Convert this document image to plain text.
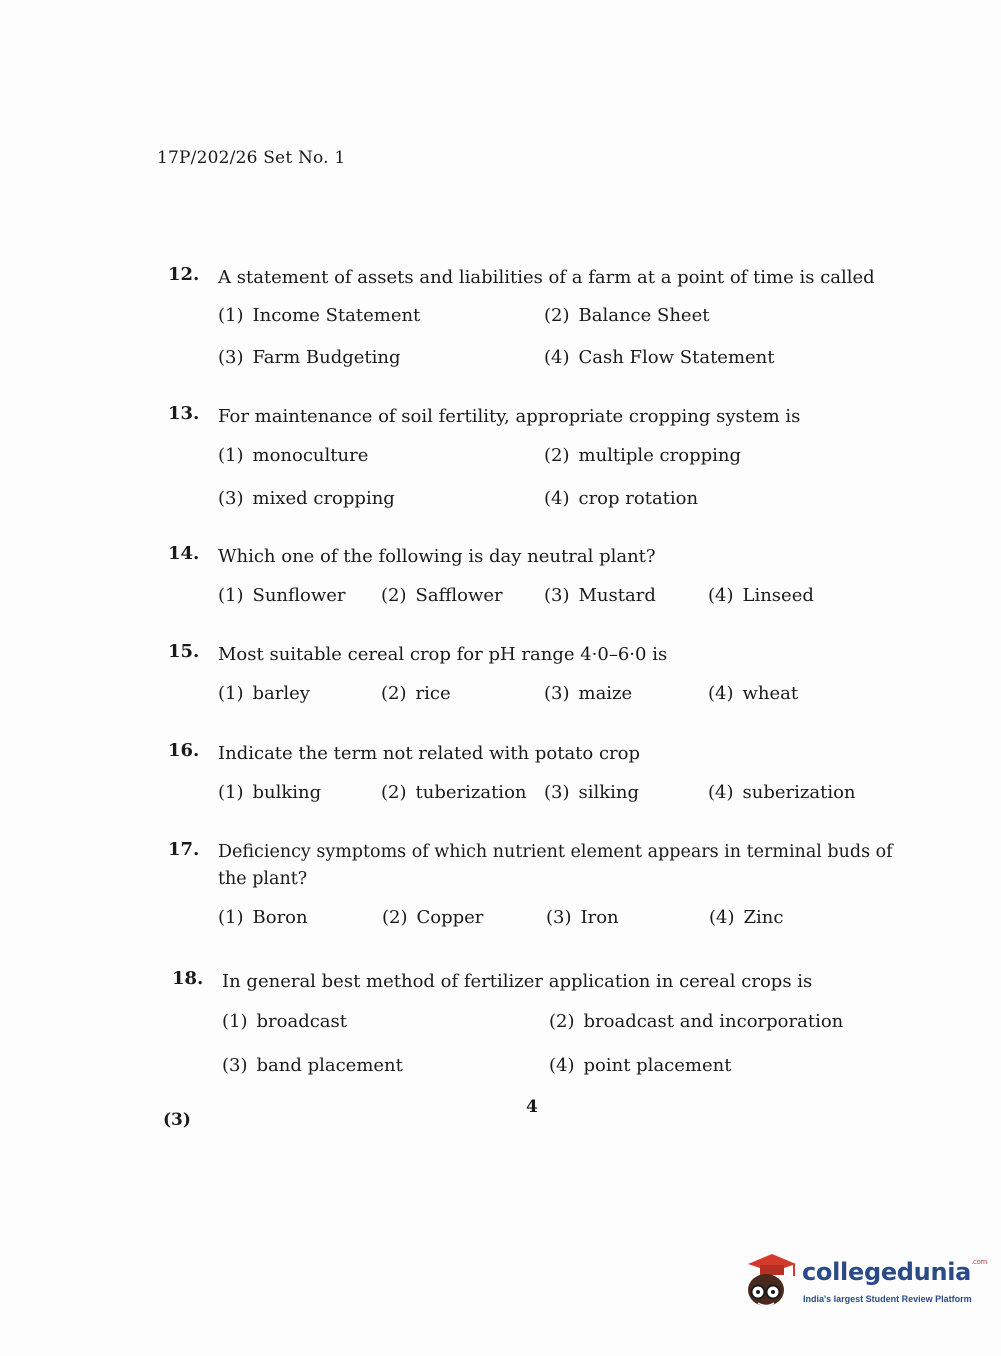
17P/202/26 Set No. 1
12.	A statement of assets and liabilities of a farm at a point of time is called
(1) Income Statement	(2) Balance Sheet
(3) Farm Budgeting	(4) Cash Flow Statement
13.	For maintenance of soil fertility, appropriate cropping system is
(1) monoculture	(2) multiple cropping
(3) mixed cropping	(4) crop rotation
14.	Which one of the following is day neutral plant?
(1) Sunflower (2) Safflower (3) Mustard	(4) Linseed
15.	Most suitable cereal crop for pH range 4·0–6·0 is
(1) barley	(2) rice	(3) maize	(4) wheat
16.	Indicate the term not related with potato crop
(1) bulking	(2) tuberization (3) silking	(4) suberization
17.	Deficiency symptoms of which nutrient element appears in terminal buds of the plant?
(1) Boron	(2) Copper	(3) Iron	(4) Zinc
18.	In general best method of fertilizer application in cereal crops is
(1) broadcast	(2) broadcast and incorporation
(3) band placement	(4) point placement
4
(3)
collegedunia$^{.com}$
India's largest Student Review Platform
